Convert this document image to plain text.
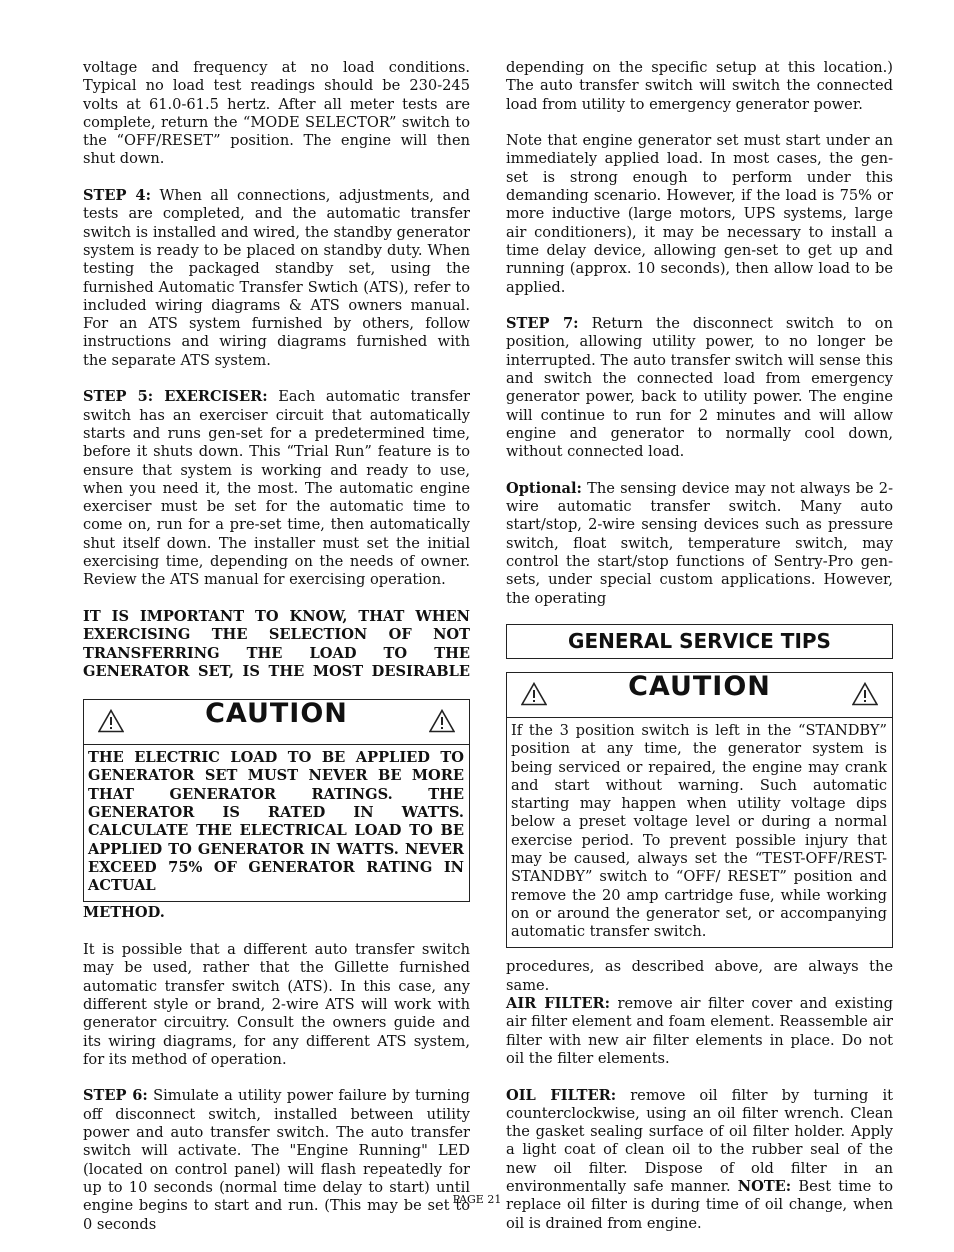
voltage and frequency at no load conditions. Typical no load test readings should be 230-245 volts at 61.0-61.5 hertz. After all meter tests are complete, return the “MODE SELECTOR” switch to the “OFF/RESET” position. The engine will then shut down.

STEP 4: When all connections, adjustments, and tests are completed, and the automatic transfer switch is installed and wired, the standby generator system is ready to be placed on standby duty. When testing the packaged standby set, using the furnished Automatic Transfer Swtich (ATS), refer to included wiring diagrams & ATS owners manual. For an ATS system furnished by others, follow instructions and wiring diagrams furnished with the separate ATS system.

STEP 5: EXERCISER: Each automatic transfer switch has an exerciser circuit that automatically starts and runs gen-set for a predetermined time, before it shuts down. This “Trial Run” feature is to ensure that system is working and ready to use, when you need it, the most. The automatic engine exerciser must be set for the automatic time to come on, run for a pre-set time, then automatically shut itself down. The installer must set the initial exercising time, depending on the needs of owner. Review the ATS manual for exercising operation.

IT IS IMPORTANT TO KNOW, THAT WHEN EXERCISING THE SELECTION OF NOT TRANSFERRING THE LOAD TO THE GENERATOR SET, IS THE MOST DESIRABLE

CAUTION
THE ELECTRIC LOAD TO BE APPLIED TO GENERATOR SET MUST NEVER BE MORE THAT GENERATOR RATINGS. THE GENERATOR IS RATED IN WATTS. CALCULATE THE ELECTRICAL LOAD TO BE APPLIED TO GENERATOR IN WATTS. NEVER EXCEED 75% OF GENERATOR RATING IN ACTUAL

METHOD.

It is possible that a different auto transfer switch may be used, rather that the Gillette furnished automatic transfer switch (ATS). In this case, any different style or brand, 2-wire ATS will work with generator circuitry. Consult the owners guide and its wiring diagrams, for any different ATS system, for its method of operation.

STEP 6: Simulate a utility power failure by turning off disconnect switch, installed between utility power and auto transfer switch. The auto transfer switch will activate. The "Engine Running" LED (located on control panel) will flash repeatedly for up to 10 seconds (normal time delay to start) until engine begins to start and run. (This may be set to 0 seconds

depending on the specific setup at this location.) The auto transfer switch will switch the connected load from utility to emergency generator power.

Note that engine generator set must start under an immediately applied load. In most cases, the gen-set is strong enough to perform under this demanding scenario. However, if the load is 75% or more inductive (large motors, UPS systems, large air conditioners), it may be necessary to install a time delay device, allowing gen-set to get up and running (approx. 10 seconds), then allow load to be applied.

STEP 7: Return the disconnect switch to on position, allowing utility power, to no longer be interrupted. The auto transfer switch will sense this and switch the connected load from emergency generator power, back to utility power. The engine will continue to run for 2 minutes and will allow engine and generator to normally cool down, without connected load.

Optional: The sensing device may not always be 2-wire automatic transfer switch. Many auto start/stop, 2-wire sensing devices such as pressure switch, float switch, temperature switch, may control the start/stop functions of Sentry-Pro gen-sets, under special custom applications. However, the operating

GENERAL SERVICE TIPS
CAUTION
If the 3 position switch is left in the “STANDBY” position at any time, the generator system is being serviced or repaired, the engine may crank and start without warning. Such automatic starting may happen when utility voltage dips below a preset voltage level or during a normal exercise period. To prevent possible injury that may be caused, always set the “TEST-OFF/REST-STANDBY” switch to “OFF/ RESET” position and remove the 20 amp cartridge fuse, while working on or around the generator set, or accompanying automatic transfer switch.

procedures, as described above, are always the same.

AIR FILTER: remove air filter cover and existing air filter element and foam element. Reassemble air filter with new air filter elements in place. Do not oil the filter elements.

OIL FILTER: remove oil filter by turning it counterclockwise, using an oil filter wrench. Clean the gasket sealing surface of oil filter holder. Apply a light coat of clean oil to the rubber seal of the new oil filter. Dispose of old filter in an environmentally safe manner. NOTE: Best time to replace oil filter is during time of oil change, when oil is drained from engine.

PAGE 21
